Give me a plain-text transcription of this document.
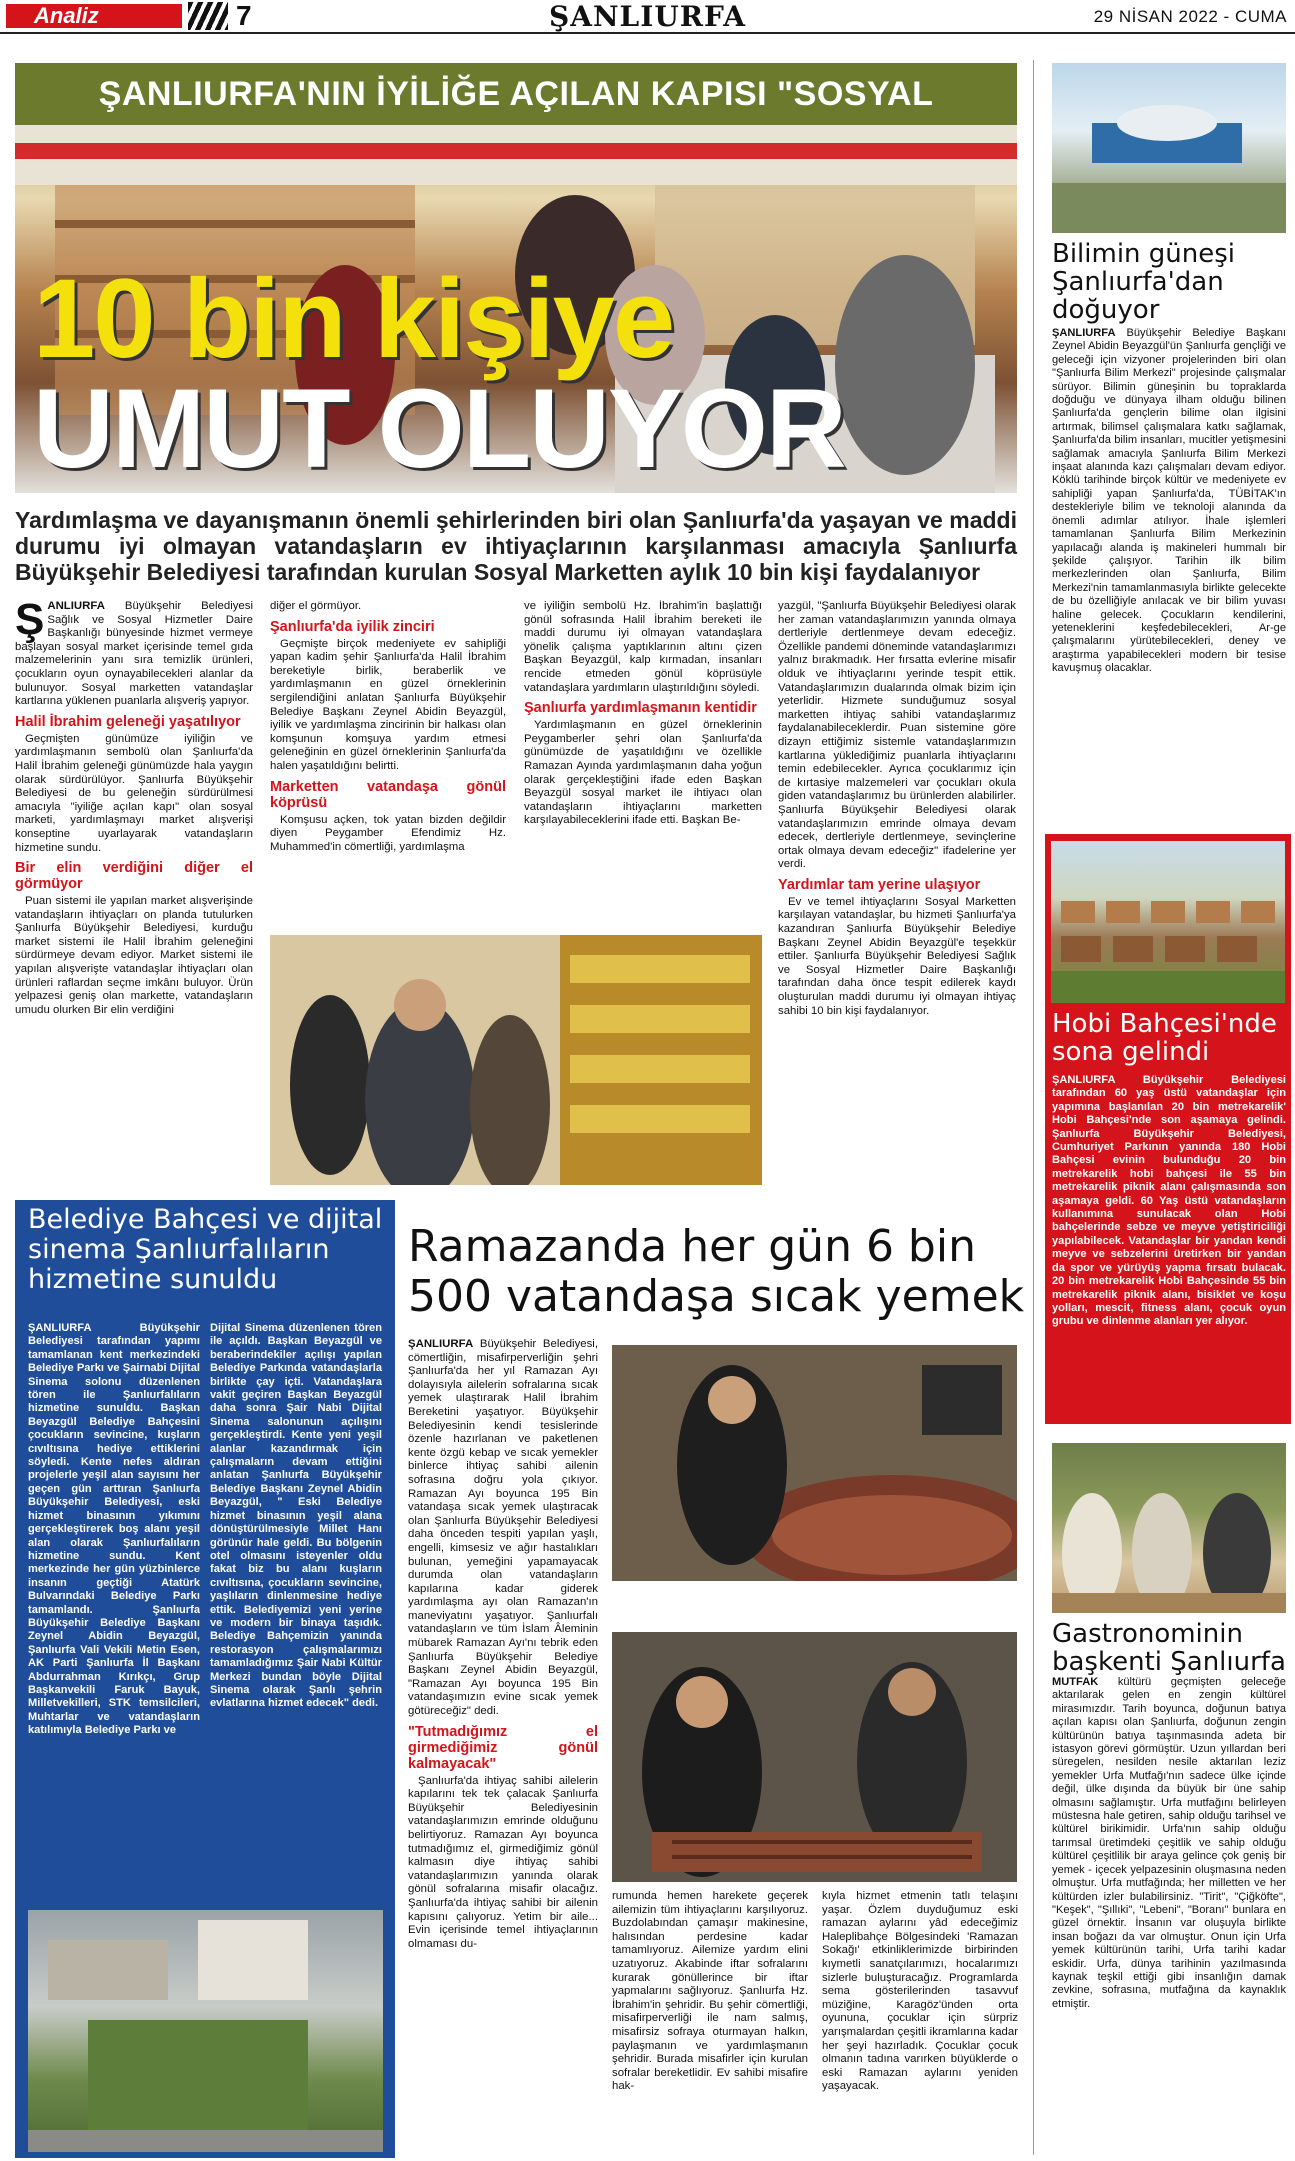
Analiz	7	ŞANLIURFA	29 NİSAN 2022 - CUMA
ŞANLIURFA'NIN İYİLİĞE AÇILAN KAPISI "SOSYAL
10 bin kişiye
UMUT OLUYOR
Yardımlaşma ve dayanışmanın önemli şehirlerinden biri olan Şanlıurfa'da yaşayan ve maddi durumu iyi olmayan vatandaşların ev ihtiyaçlarının karşılanması amacıyla Şanlıurfa Büyükşehir Belediyesi tarafından kurulan Sosyal Marketten aylık 10 bin kişi faydalanıyor

ŞANLIURFA Büyükşehir Belediyesi Sağlık ve Sosyal Hizmetler Daire Başkanlığı bünyesinde hizmet vermeye başlayan sosyal market içerisinde temel gıda malzemelerinin yanı sıra temizlik ürünleri, çocukların oyun oynayabilecekleri alanlar da bulunuyor. Sosyal marketten vatandaşlar kartlarına yüklenen puanlarla alışveriş yapıyor.

Halil İbrahim geleneği yaşatılıyor

Geçmişten günümüze iyiliğin ve yardımlaşmanın sembolü olan Şanlıurfa'da Halil İbrahim geleneği günümüzde hala yaygın olarak sürdürülüyor. Şanlıurfa Büyükşehir Belediyesi de bu geleneğin sürdürülmesi amacıyla "iyiliğe açılan kapı" olan sosyal marketi, yardımlaşmayı market alışverişi konseptine uyarlayarak vatandaşların hizmetine sundu.

Bir elin verdiğini diğer el görmüyor

Puan sistemi ile yapılan market alışverişinde vatandaşların ihtiyaçları on planda tutulurken Şanlıurfa Büyükşehir Belediyesi, kurduğu market sistemi ile Halil İbrahim geleneğini sürdürmeye devam ediyor. Market sistemi ile yapılan alışverişte vatandaşlar ihtiyaçları olan ürünleri raflardan seçme imkânı buluyor. Ürün yelpazesi geniş olan markette, vatandaşların umudu olurken Bir elin verdiğini

diğer el görmüyor.

Şanlıurfa'da iyilik zinciri

Geçmişte birçok medeniyete ev sahipliği yapan kadim şehir Şanlıurfa'da Halil İbrahim bereketiyle birlik, beraberlik ve yardımlaşmanın en güzel örneklerinin sergilendiğini anlatan Şanlıurfa Büyükşehir Belediye Başkanı Zeynel Abidin Beyazgül, iyilik ve yardımlaşma zincirinin bir halkası olan komşunun komşuya yardım etmesi geleneğinin en güzel örneklerinin Şanlıurfa'da halen yaşatıldığını belirtti.

Marketten vatandaşa gönül köprüsü

Komşusu açken, tok yatan bizden değildir diyen Peygamber Efendimiz Hz. Muhammed'in cömertliği, yardımlaşma

ve iyiliğin sembolü Hz. İbrahim'in başlattığı gönül sofrasında Halil İbrahim bereketi ile maddi durumu iyi olmayan vatandaşlara yönelik çalışma yaptıklarının altını çizen Başkan Beyazgül, kalp kırmadan, insanları rencide etmeden gönül köprüsüyle vatandaşlara yardımların ulaştırıldığını söyledi.

Şanlıurfa yardımlaşmanın kentidir

Yardımlaşmanın en güzel örneklerinin Peygamberler şehri olan Şanlıurfa'da günümüzde de yaşatıldığını ve özellikle Ramazan Ayında yardımlaşmanın daha yoğun olarak gerçekleştiğini ifade eden Başkan Beyazgül sosyal market ile ihtiyacı olan vatandaşların ihtiyaçlarını marketten karşılayabileceklerini ifade etti. Başkan Be-

yazgül, "Şanlıurfa Büyükşehir Belediyesi olarak her zaman vatandaşlarımızın yanında olmaya dertleriyle dertlenmeye devam edeceğiz. Özellikle pandemi döneminde vatandaşlarımızı yalnız bırakmadık. Her fırsatta evlerine misafir olduk ve ihtiyaçlarını yerinde tespit ettik. Vatandaşlarımızın dualarında olmak bizim için yeterlidir. Hizmete sunduğumuz sosyal marketten ihtiyaç sahibi vatandaşlarımız faydalanabileceklerdir. Puan sistemine göre dizayn ettiğimiz sistemle vatandaşlarımızın kartlarına yüklediğimiz puanlarla ihtiyaçlarını temin edebilecekler. Ayrıca çocuklarımız için de kırtasiye malzemeleri var çocukları okula giden vatandaşlarımız bu ürünlerden alabilirler. Şanlıurfa Büyükşehir Belediyesi olarak vatandaşlarımızın emrinde olmaya devam edecek, dertleriyle dertlenmeye, sevinçlerine ortak olmaya devam edeceğiz" ifadelerine yer verdi.

Yardımlar tam yerine ulaşıyor

Ev ve temel ihtiyaçlarını Sosyal Marketten karşılayan vatandaşlar, bu hizmeti Şanlıurfa'ya kazandıran Şanlıurfa Büyükşehir Belediye Başkanı Zeynel Abidin Beyazgül'e teşekkür ettiler. Şanlıurfa Büyükşehir Belediyesi Sağlık ve Sosyal Hizmetler Daire Başkanlığı tarafından daha önce tespit edilerek kaydı oluşturulan maddi durumu iyi olmayan ihtiyaç sahibi 10 bin kişi faydalanıyor.

Bilimin güneşi Şanlıurfa'dan doğuyor

ŞANLIURFA Büyükşehir Belediye Başkanı Zeynel Abidin Beyazgül'ün Şanlıurfa gençliği ve geleceği için vizyoner projelerinden biri olan "Şanlıurfa Bilim Merkezi" projesinde çalışmalar sürüyor. Bilimin güneşinin bu topraklarda doğduğu ve dünyaya ilham olduğu bilinen Şanlıurfa'da gençlerin bilime olan ilgisini artırmak, bilimsel çalışmalara katkı sağlamak, Şanlıurfa'da bilim insanları, mucitler yetişmesini sağlamak amacıyla Şanlıurfa Bilim Merkezi inşaat alanında kazı çalışmaları devam ediyor. Köklü tarihinde birçok kültür ve medeniyete ev sahipliği yapan Şanlıurfa'da, TÜBİTAK'ın destekleriyle bilim ve teknoloji alanında da önemli adımlar atılıyor. İhale işlemleri tamamlanan Şanlıurfa Bilim Merkezinin yapılacağı alanda iş makineleri hummalı bir şekilde çalışıyor. Tarihin ilk bilim merkezlerinden olan Şanlıurfa, Bilim Merkezi'nin tamamlanmasıyla birlikte gelecekte de bu özelliğiyle anılacak ve bir bilim yuvası haline gelecek. Çocukların kendilerini, yeteneklerini keşfedebilecekleri, Ar-ge çalışmalarını yürütebilecekleri, deney ve araştırma yapabilecekleri modern bir tesise kavuşmuş olacaklar.

Hobi Bahçesi'nde sona gelindi

ŞANLIURFA	Büyükşehir Belediyesi tarafından 60 yaş üstü vatandaşlar için yapımına başlanılan 20 bin metrekarelik' Hobi Bahçesi'nde son aşamaya gelindi. Şanlıurfa Büyükşehir Belediyesi, Cumhuriyet Parkının yanında 180 Hobi Bahçesi evinin bulunduğu 20 bin metrekarelik hobi bahçesi ile 55 bin metrekarelik piknik alanı çalışmasında son aşamaya geldi. 60 Yaş üstü vatandaşların kullanımına sunulacak olan Hobi bahçelerinde sebze ve meyve yetiştiriciliği yapılabilecek. Vatandaşlar bir yandan kendi meyve ve sebzelerini üretirken bir yandan da spor ve yürüyüş yapma fırsatı bulacak. 20 bin metrekarelik Hobi Bahçesinde 55 bin metrekarelik piknik alanı, bisiklet ve koşu yolları, mescit, fitness alanı, çocuk oyun grubu ve dinlenme alanları yer alıyor.

Gastronominin başkenti Şanlıurfa

MUTFAK kültürü geçmişten geleceğe aktarılarak gelen en zengin kültürel mirasımızdır. Tarih boyunca, doğunun batıya açılan kapısı olan Şanlıurfa, doğunun zengin kültürünün batıya taşınmasında adeta bir istasyon görevi görmüştür. Uzun yıllardan beri süregelen, nesilden nesile aktarılan leziz yemekler Urfa Mutfağı'nın sadece ülke içinde değil, ülke dışında da büyük bir üne sahip olmasını sağlamıştır. Urfa mutfağını belirleyen müstesna hale getiren, sahip olduğu tarihsel ve kültürel birikimidir. Urfa'nın sahip olduğu tarımsal üretimdeki çeşitlik ve sahip olduğu kültürel çeşitlilik bir araya gelince çok geniş bir yemek - içecek yelpazesinin oluşmasına neden olmuştur. Urfa mutfağında; her milletten ve her kültürden izler bulabilirsiniz. "Tirit", "Çiğköfte", "Keşek", "Şıllıki", "Lebeni", "Boranı" bunlara en güzel örnektir. İnsanın var oluşuyla birlikte insan boğazı da var olmuştur. Onun için Urfa yemek kültürünün tarihi, Urfa tarihi kadar eskidir. Urfa, dünya tarihinin yazılmasında kaynak teşkil ettiği gibi insanlığın damak zevkine, sofrasına, mutfağına da kaynaklık etmiştir.

Belediye Bahçesi ve dijital sinema Şanlıurfalıların hizmetine sunuldu

ŞANLIURFA	Büyükşehir Belediyesi tarafından yapımı tamamlanan kent merkezindeki Belediye Parkı ve Şairnabi Dijital Sinema solonu düzenlenen tören ile Şanlıurfalıların hizmetine sunuldu. Başkan Beyazgül Belediye Bahçesini çocukların sevincine, kuşların cıvıltısına hediye ettiklerini söyledi. Kente nefes aldıran projelerle yeşil alan sayısını her geçen gün arttıran Şanlıurfa Büyükşehir Belediyesi, eski hizmet binasının yıkımını gerçekleştirerek boş alanı yeşil alan olarak Şanlıurfalıların hizmetine sundu. Kent merkezinde her gün yüzbinlerce insanın geçtiği Atatürk Bulvarındaki Belediye Parkı tamamlandı. Şanlıurfa Büyükşehir Belediye Başkanı Zeynel Abidin Beyazgül, Şanlıurfa Vali Vekili Metin Esen, AK Parti Şanlıurfa İl Başkanı Abdurrahman Kırıkçı, Grup Başkanvekili Faruk Bayuk, Milletvekilleri, STK temsilcileri, Muhtarlar ve vatandaşların katılımıyla Belediye Parkı ve

Dijital Sinema düzenlenen tören ile açıldı. Başkan Beyazgül ve beraberindekiler açılışı yapılan Belediye Parkında vatandaşlarla birlikte çay içti. Vatandaşlara vakit geçiren Başkan Beyazgül daha sonra Şair Nabi Dijital Sinema salonunun açılışını gerçekleştirdi. Kente yeni yeşil alanlar kazandırmak için çalışmaların devam ettiğini anlatan Şanlıurfa Büyükşehir Belediye Başkanı Zeynel Abidin Beyazgül, " Eski Belediye hizmet binasının yeşil alana dönüştürülmesiyle Millet Hanı görünür hale geldi. Bu bölgenin otel olmasını isteyenler oldu fakat biz bu alanı kuşların cıvıltısına, çocukların sevincine, yaşlıların dinlenmesine hediye ettik. Belediyemizi yeni yerine ve modern bir binaya taşıdık. Belediye Bahçemizin yanında restorasyon çalışmalarımızı tamamladığımız Şair Nabi Kültür Merkezi bundan böyle Dijital Sinema olarak Şanlı şehrin evlatlarına hizmet edecek" dedi.

Ramazanda her gün 6 bin 500 vatandaşa sıcak yemek

ŞANLIURFA Büyükşehir Belediyesi, cömertliğin, misafirperverliğin şehri Şanlıurfa'da her yıl Ramazan Ayı dolayısıyla ailelerin sofralarına sıcak yemek ulaştırarak Halil İbrahim Bereketini yaşatıyor. Büyükşehir Belediyesinin kendi tesislerinde özenle hazırlanan ve paketlenen kente özgü kebap ve sıcak yemekler binlerce ihtiyaç sahibi ailenin sofrasına doğru yola çıkıyor. Ramazan Ayı boyunca 195 Bin vatandaşa sıcak yemek ulaştıracak olan Şanlıurfa Büyükşehir Belediyesi daha önceden tespiti yapılan yaşlı, engelli, kimsesiz ve ağır hastalıkları bulunan, yemeğini yapamayacak durumda olan vatandaşların kapılarına kadar giderek yardımlaşma ayı olan Ramazan'ın maneviyatını yaşatıyor. Şanlıurfalı vatandaşların ve tüm İslam Âleminin mübarek Ramazan Ayı'nı tebrik eden Şanlıurfa Büyükşehir Belediye Başkanı Zeynel Abidin Beyazgül, "Ramazan Ayı boyunca 195 Bin vatandaşımızın evine sıcak yemek götüreceğiz" dedi.

"Tutmadığımız el girmediğimiz gönül kalmayacak"

Şanlıurfa'da ihtiyaç sahibi ailelerin kapılarını tek tek çalacak Şanlıurfa Büyükşehir Belediyesinin vatandaşlarımızın emrinde olduğunu belirtiyoruz. Ramazan Ayı boyunca tutmadığımız el, girmediğimiz gönül kalmasın diye ihtiyaç sahibi vatandaşlarımızın yanında olarak gönül sofralarına misafir olacağız. Şanlıurfa'da ihtiyaç sahibi bir ailenin kapısını çalıyoruz. Yetim bir aile... Evin içerisinde temel ihtiyaçlarının olmaması du-

rumunda hemen harekete geçerek ailemizin tüm ihtiyaçlarını karşılıyoruz. Buzdolabından çamaşır makinesine, halısından perdesine kadar tamamlıyoruz. Ailemize yardım elini uzatıyoruz. Akabinde iftar sofralarını kurarak gönüllerince bir iftar yapmalarını sağlıyoruz. Şanlıurfa Hz. İbrahim'in şehridir. Bu şehir cömertliği, misafirperverliği ile nam salmış, misafirsiz sofraya oturmayan halkın, paylaşmanın ve yardımlaşmanın şehridir. Burada misafirler için kurulan sofralar bereketlidir. Ev sahibi misafire hak-

kıyla hizmet etmenin tatlı telaşını yaşar. Özlem duyduğumuz eski ramazan aylarını yâd edeceğimiz Haleplibahçe Bölgesindeki 'Ramazan Sokağı' etkinliklerimizde birbirinden kıymetli sanatçılarımızı, hocalarımızı sizlerle buluşturacağız. Programlarda sema gösterilerinden tasavvuf müziğine, Karagöz'ünden orta oyununa, çocuklar için sürpriz yarışmalardan çeşitli ikramlarına kadar her şeyi hazırladık. Çocuklar çocuk olmanın tadına varırken büyüklerde o eski Ramazan aylarını yeniden yaşayacak.
